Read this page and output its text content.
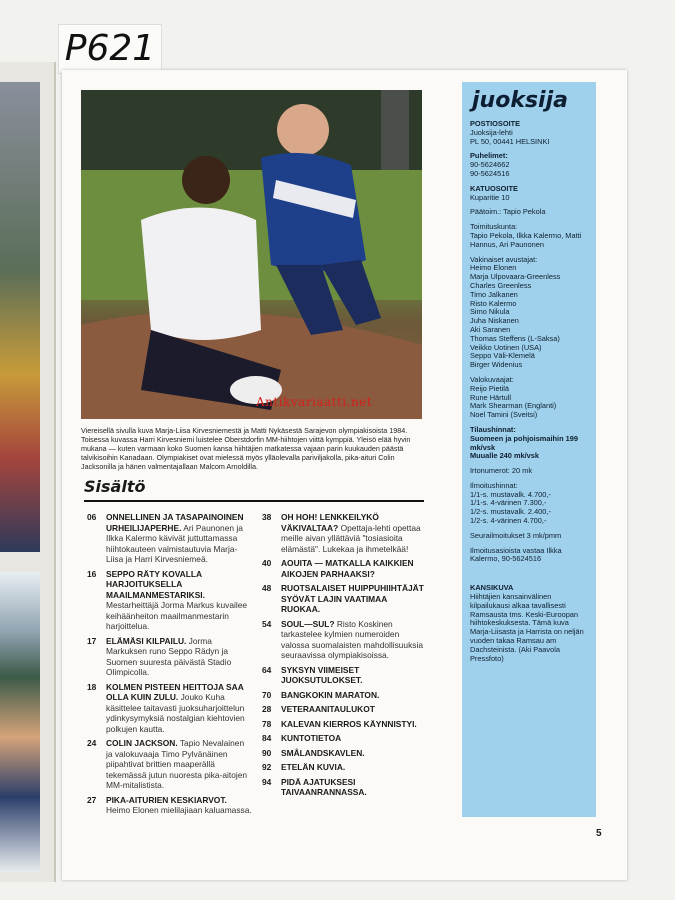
P621
Antikvariaatti.net
Viereisellä sivulla kuva Marja-Liisa Kirvesniemestä ja Matti Nykäsestä Sarajevon olympiakisoista 1984. Toisessa kuvassa Harri Kirvesniemi luistelee Oberstdorfin MM-hiihtojen viittä kymppiä. Yleisö elää hyvin mukana — kuten varmaan koko Suomen kansa hiihtäjien matkatessa vajaan parin kuukauden päästä talvikisoihin Kanadaan. Olympiakiset ovat mielessä myös ylläolevalla pariviljakolla, pika-aituri Colin Jacksonilla ja hänen valmentajallaan Malcom Arnoldilla.
Sisältö
06	ONNELLINEN JA TASAPAINOINEN URHEILIJAPERHE. Ari Paunonen ja Ilkka Kalermo kävivät juttuttamassa hiihtokauteen valmistautuvia Marja-Liisa ja Harri Kirvesniemeä.
16	SEPPO RÄTY KOVALLA HARJOITUKSELLA MAAILMANMESTARIKSI. Mestarheittäjä Jorma Markus kuvailee keihäänheiton maailmanmestarin harjoittelua.
17	ELÄMÄSI KILPAILU. Jorma Markuksen runo Seppo Rädyn ja Suomen suuresta päivästä Stadio Olimpicolla.
18	KOLMEN PISTEEN HEITTOJA SAA OLLA KUIN ZULU. Jouko Kuha käsittelee taitavasti juoksuharjoittelun ydinkysymyksiä nostalgian kiehtovien polkujen kautta.
24	COLIN JACKSON. Tapio Nevalainen ja valokuvaaja Timo Pylvänäinen piipahtivat brittien maaperällä tekemässä jutun nuoresta pika-aitojen MM-mitalistista.
27	PIKA-AITURIEN KESKIARVOT. Heimo Elonen mielilajiaan kaluamassa.
38	OH HOH! LENKKEILYKÖ VÄKIVALTAA? Opettaja-lehti opettaa meille aivan yllättäviä "tosiasioita elämästä". Lukekaa ja ihmetelkää!
40	AOUITA — MATKALLA KAIKKIEN AIKOJEN PARHAAKSI?
48	RUOTSALAISET HUIPPUHIIHTÄJÄT SYÖVÄT LAJIN VAATIMAA RUOKAA.
54	SOUL—SUL? Risto Koskinen tarkastelee kylmien numeroiden valossa suomalaisten mahdollisuuksia seuraavissa olympiakisoissa.
64	SYKSYN VIIMEISET JUOKSUTULOKSET.
70	BANGKOKIN MARATON.
28	VETERAANITAULUKOT
78	KALEVAN KIERROS KÄYNNISTYI.
84	KUNTOTIETOA
90	SMÅLANDSKAVLEN.
92	ETELÄN KUVIA.
94	PIDÄ AJATUKSESI TAIVAANRANNASSA.
juoksija
POSTIOSOITE
Juoksija-lehti
PL 50, 00441 HELSINKI
Puhelimet:
90-5624662
90-5624516
KATUOSOITE
Kuparitie 10
Päätoim.: Tapio Pekola
Toimituskunta:
Tapio Pekola, Ilkka Kalermo, Matti Hannus, Ari Paunonen
Vakinaiset avustajat:
Heimo Elonen
Marja Ulpovaara-Greenless
Charles Greenless
Timo Jalkanen
Risto Kalermo
Simo Nikula
Juha Niskanen
Aki Saranen
Thomas Steffens (L-Saksa)
Veikko Uotinen (USA)
Seppo Väli-Klemelä
Birger Widenius
Valokuvaajat:
Reijo Pietilä
Rune Härtull
Mark Shearman (Englanti)
Noel Tamini (Sveitsi)
Tilaushinnat:
Suomeen ja pohjoismaihin 199 mk/vsk
Muualle 240 mk/vsk
Irtonumerot: 20 mk
Ilmoitushinnat:
1/1-s. mustavalk. 4.700,-
1/1-s. 4-värinen 7.300,-
1/2-s. mustavalk. 2.400,-
1/2-s. 4-värinen 4.700,-
Seurailmoitukset 3 mk/pmm
Ilmoitusasioista vastaa Ilkka Kalermo, 90-5624516
KANSIKUVA
Hiihtäjien kansainvälinen kilpailukausi alkaa tavallisesti Ramsausta tms. Keski-Euroopan hiihtokeskuksesta. Tämä kuva Marja-Liisasta ja Harrista on neljän vuoden takaa Ramsau am Dachsteinista. (Aki Paavola Pressfoto)
5
